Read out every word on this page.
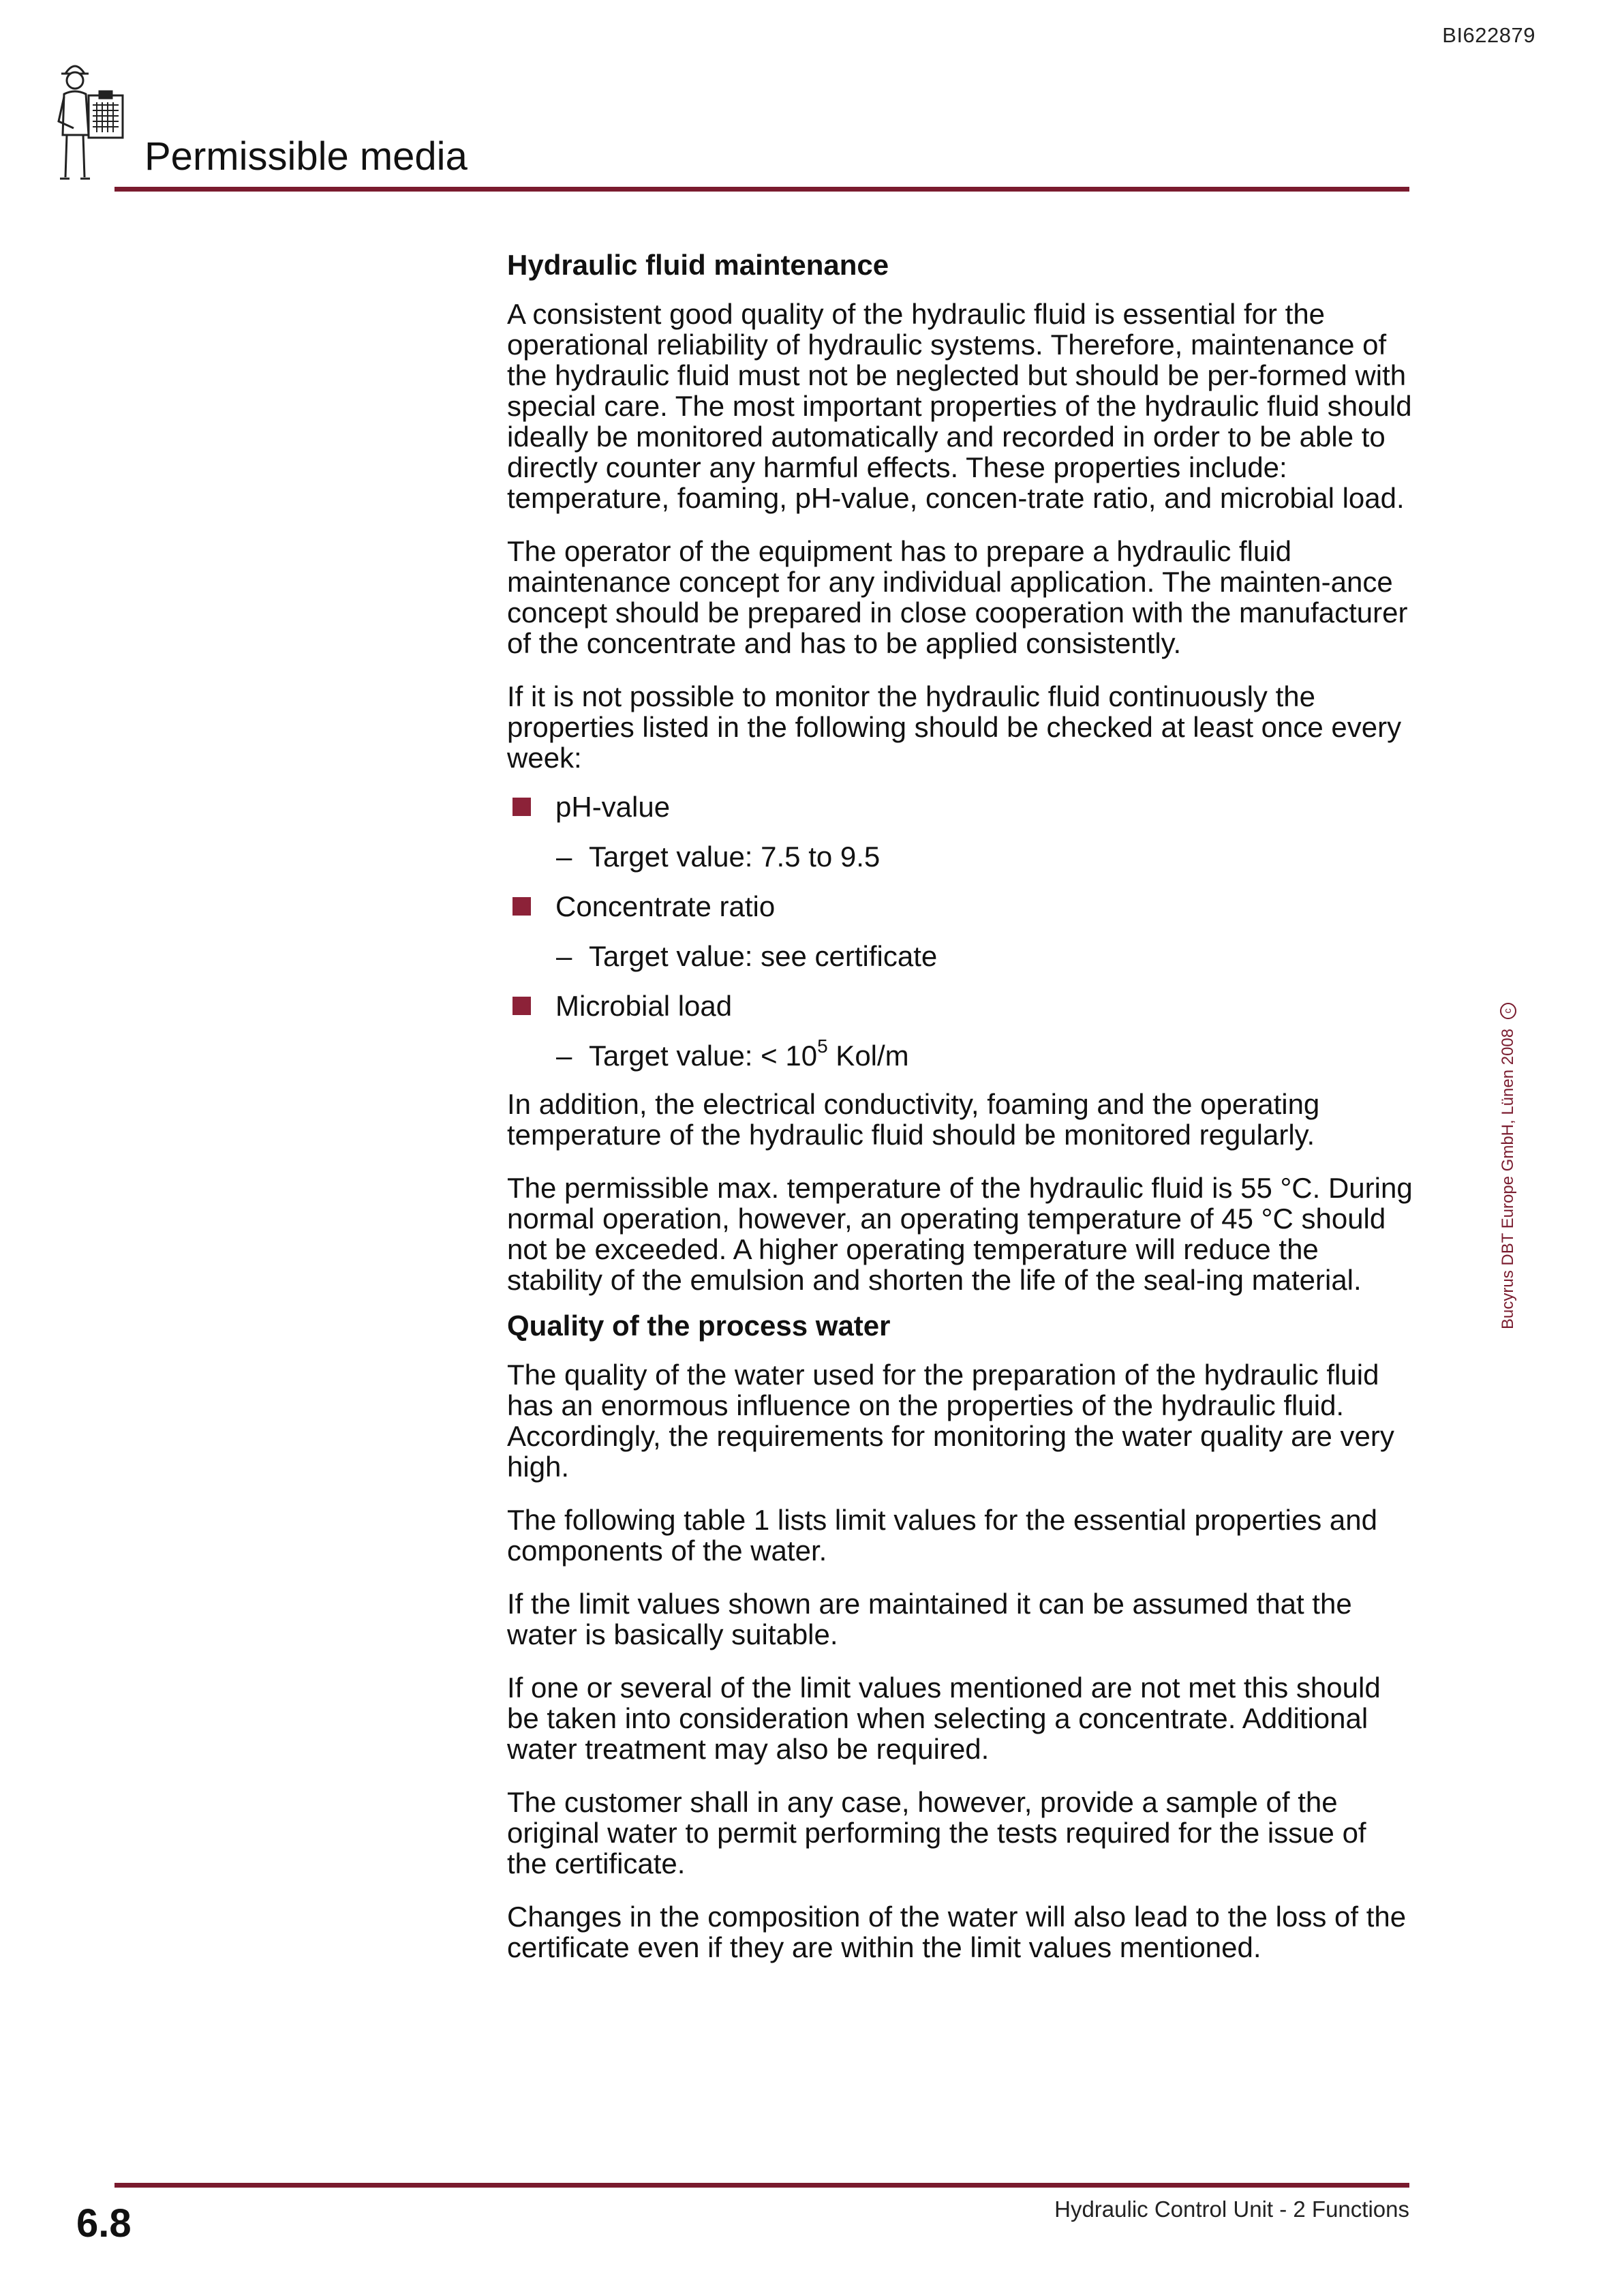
BI622879
Permissible media
Hydraulic fluid maintenance

A consistent good quality of the hydraulic fluid is essential for the operational reliability of hydraulic systems. Therefore, maintenance of the hydraulic fluid must not be neglected but should be per-formed with special care. The most important properties of the hydraulic fluid should ideally be monitored automatically and recorded in order to be able to directly counter any harmful effects. These properties include: temperature, foaming, pH-value, concen-trate ratio, and microbial load.

The operator of the equipment has to prepare a hydraulic fluid maintenance concept for any individual application. The mainten-ance concept should be prepared in close cooperation with the manufacturer of the concentrate and has to be applied consistently.

If it is not possible to monitor the hydraulic fluid continuously the properties listed in the following should be checked at least once every week:

pH-value
– Target value: 7.5 to 9.5
Concentrate ratio
– Target value: see certificate
Microbial load
– Target value: < $10^5$ Kol/m

In addition, the electrical conductivity, foaming and the operating temperature of the hydraulic fluid should be monitored regularly.

The permissible max. temperature of the hydraulic fluid is 55 °C. During normal operation, however, an operating temperature of 45 °C should not be exceeded. A higher operating temperature will reduce the stability of the emulsion and shorten the life of the seal-ing material.

Quality of the process water

The quality of the water used for the preparation of the hydraulic fluid has an enormous influence on the properties of the hydraulic fluid. Accordingly, the requirements for monitoring the water quality are very high.

The following table 1 lists limit values for the essential properties and components of the water.

If the limit values shown are maintained it can be assumed that the water is basically suitable.

If one or several of the limit values mentioned are not met this should be taken into consideration when selecting a concentrate. Additional water treatment may also be required.

The customer shall in any case, however, provide a sample of the original water to permit performing the tests required for the issue of the certificate.

Changes in the composition of the water will also lead to the loss of the certificate even if they are within the limit values mentioned.

Bucyrus DBT Europe GmbH, Lünen 2008
c
6.8	Hydraulic Control Unit - 2 Functions
